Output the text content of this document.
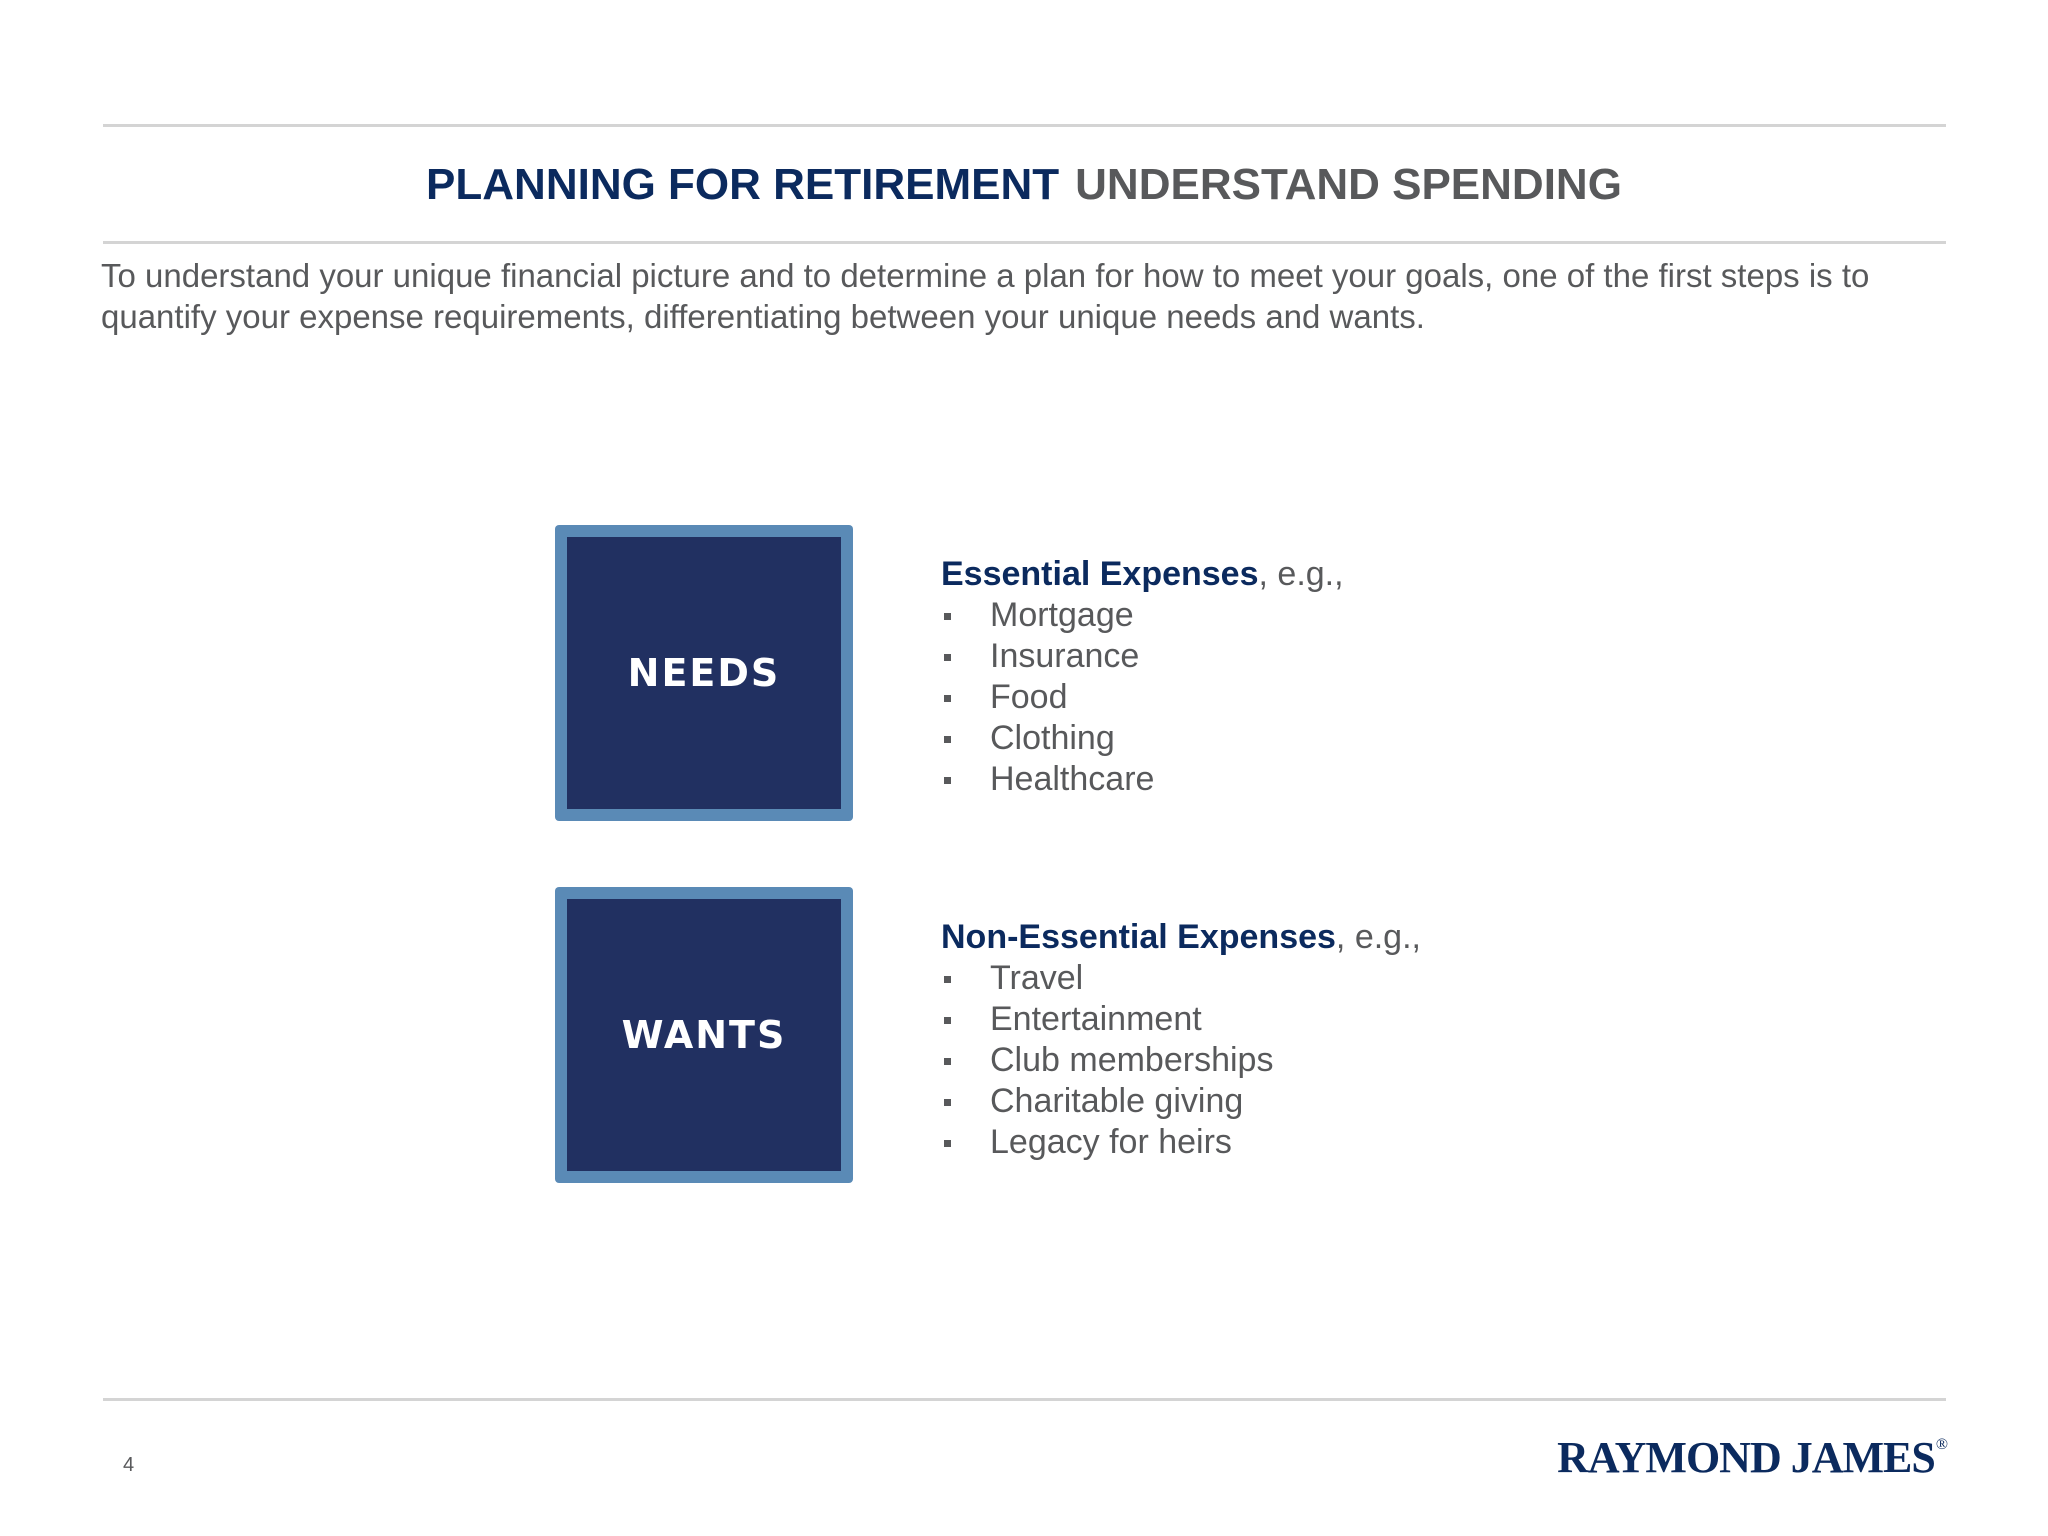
PLANNING FOR RETIREMENT UNDERSTAND SPENDING
To understand your unique financial picture and to determine a plan for how to meet your goals, one of the first steps is to quantify your expense requirements, differentiating between your unique needs and wants.
NEEDS
Essential Expenses, e.g.,
Mortgage
Insurance
Food
Clothing
Healthcare
WANTS
Non-Essential Expenses, e.g.,
Travel
Entertainment
Club memberships
Charitable giving
Legacy for heirs
4	RAYMOND JAMES®
